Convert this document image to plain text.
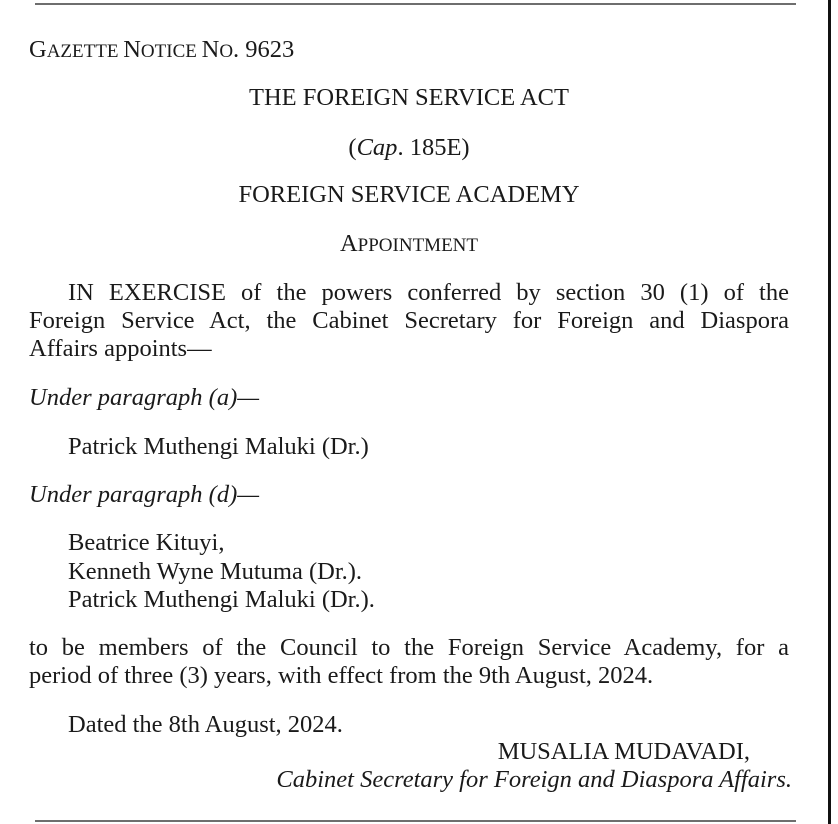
GAZETTE NOTICE NO. 9623
THE FOREIGN SERVICE ACT
(Cap. 185E)
FOREIGN SERVICE ACADEMY
APPOINTMENT
IN EXERCISE of the powers conferred by section 30 (1) of the
Foreign Service Act, the Cabinet Secretary for Foreign and Diaspora
Affairs appoints—
Under paragraph (a)—
Patrick Muthengi Maluki (Dr.)
Under paragraph (d)—
Beatrice Kituyi,
Kenneth Wyne Mutuma (Dr.).
Patrick Muthengi Maluki (Dr.).
to be members of the Council to the Foreign Service Academy, for a
period of three (3) years, with effect from the 9th August, 2024.
Dated the 8th August, 2024.
MUSALIA MUDAVADI,
Cabinet Secretary for Foreign and Diaspora Affairs.
